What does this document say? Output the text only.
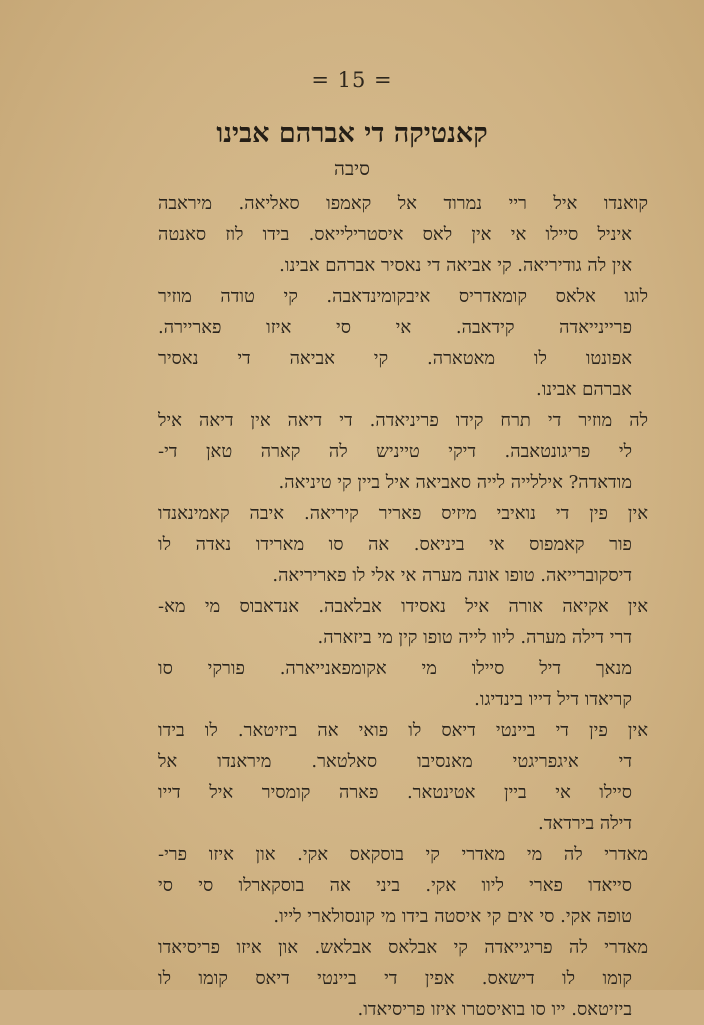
= 15 =
קאנטיקה די אברהם אבינו
סיבה
קואנדו איל ריי נמרוד אל קאמפו סאליאה. מיראבה
איניל סיילו אי אין לאס איסטרילייאס. בידו לוז סאנטה
אין לה גודיריאה. קי אביאה די נאסיר אברהם אבינו.
לוגו אלאס קומאדריס איבקומינדאבה. קי טודה מוזיר
פריינייאדה קידאבה. אי סי איזו פאריירה.
אפונטו לו מאטארה. קי אביאה די נאסיר
אברהם אבינו.
לה מוזיר די תרח קידו פריניאדה. די דיאה אין דיאה איל
לי פריגונטאבה. דיקי טייניש לה קארה טאן די-
מודאדה? איללייה לייה סאביאה איל ביין קי טיניאה.
אין פין די נואיבי מיזיס פאריר קיריאה. איבה קאמינאנדו
פור קאמפוס אי ביניאס. אה סו מארידו נאדה לו
דיסקוברייאה. טופו אונה מערה אי אלי לו פאריריאה.
אין אקיאה אורה איל נאסידו אבלאבה. אנדאבוס מי מא-
דרי דילה מערה. ליוו לייה טופו קין מי ביזארה.
מנאך דיל סיילו מי אקומפאנייארה. פורקי סו
קריאדו דיל דייו בינדיגו.
אין פין די ביינטי דיאס לו פואי אה ביזיטאר. לו בידו
די איגפריגטי מאנסיבו סאלטאר. מיראנדו אל
סיילו אי ביין אטינטאר. פארה קומסיר איל דייו
דילה בירדאד.
מאדרי לה מי מאדרי קי בוסקאס אקי. און איזו פרי-
סייאדו פארי ליוו אקי. ביני אה בוסקארלו סי סי
טופה אקי. סי אים קי איסטה בידו מי קונסולארי לייו.
מאדרי לה פריגייאדה קי אבלאס אבלאש. און איזו פריסיאדו
קומו לו דישאס. אפין די ביינטי דיאס קומו לו
ביזיטאס. ייו סו בואיסטרו איזו פריסיאדו.
